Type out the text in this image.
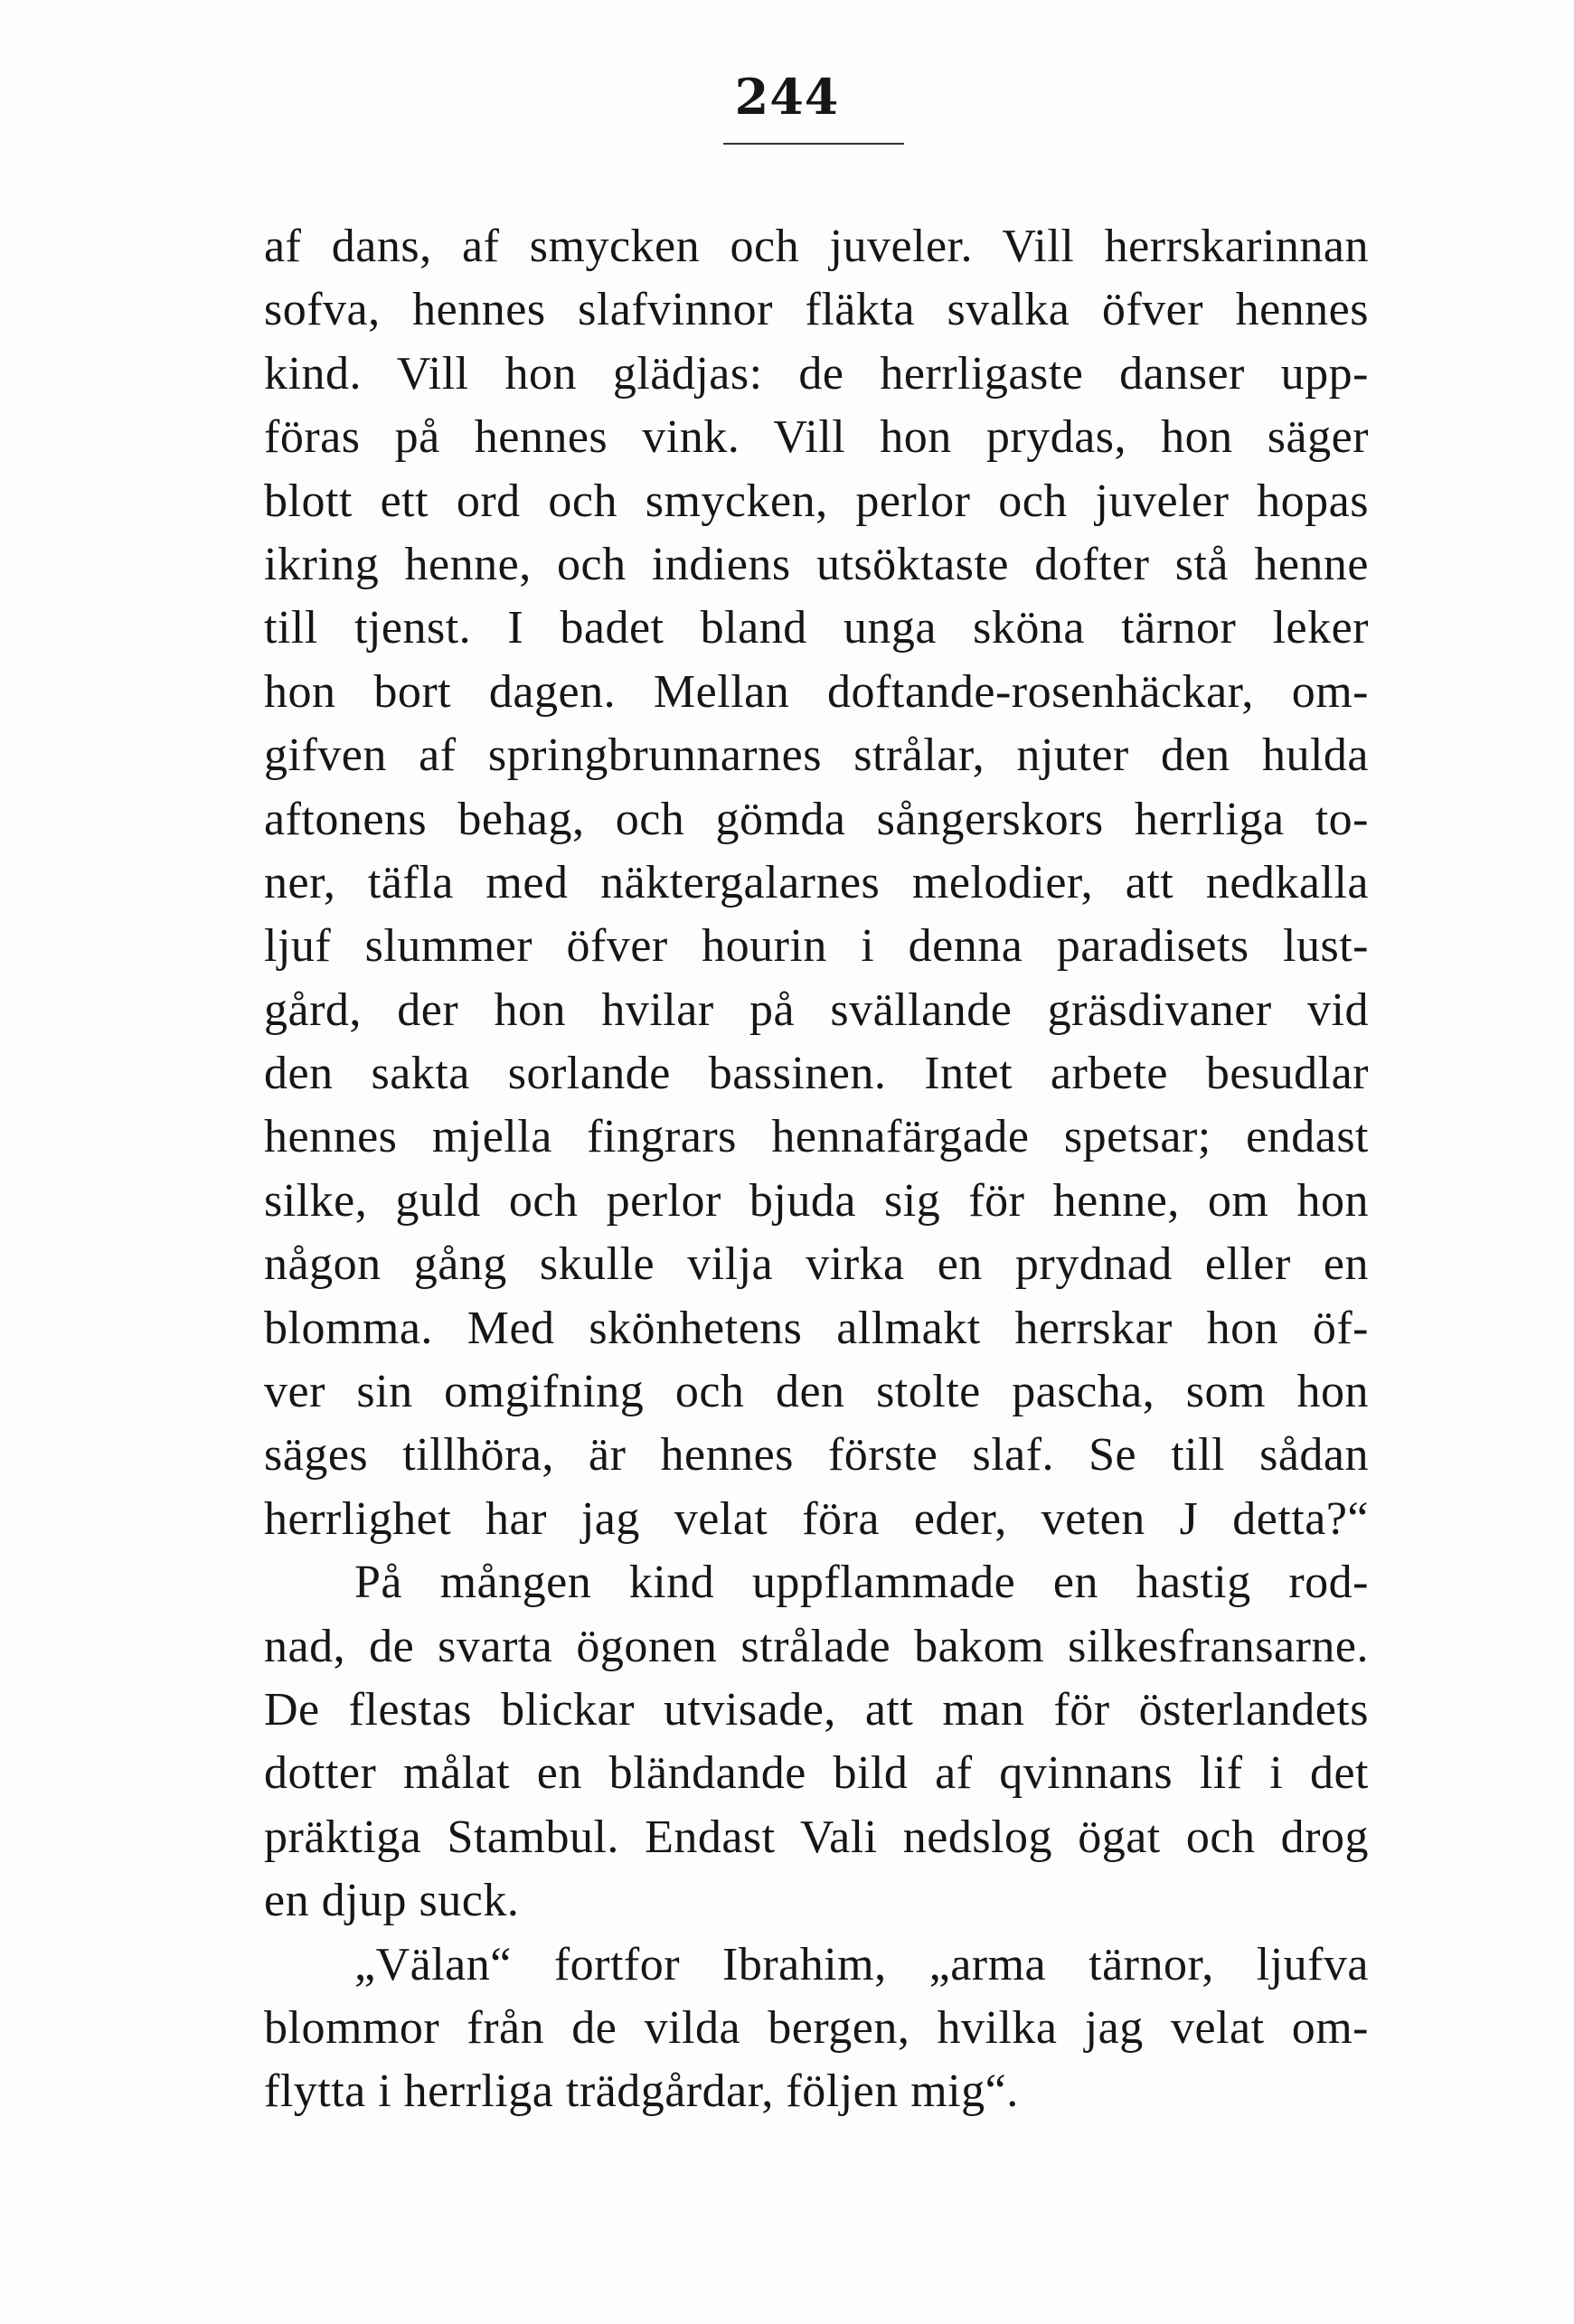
244
af dans, af smycken och juveler. Vill herrskarinnan
sofva, hennes slafvinnor fläkta svalka öfver hennes
kind. Vill hon glädjas: de herrligaste danser upp-
föras på hennes vink. Vill hon prydas, hon säger
blott ett ord och smycken, perlor och juveler hopas
ikring henne, och indiens utsöktaste dofter stå henne
till tjenst. I badet bland unga sköna tärnor leker
hon bort dagen. Mellan doftande-rosenhäckar, om-
gifven af springbrunnarnes strålar, njuter den hulda
aftonens behag, och gömda sångerskors herrliga to-
ner, täfla med näktergalarnes melodier, att nedkalla
ljuf slummer öfver hourin i denna paradisets lust-
gård, der hon hvilar på svällande gräsdivaner vid
den sakta sorlande bassinen. Intet arbete besudlar
hennes mjella fingrars hennafärgade spetsar; endast
silke, guld och perlor bjuda sig för henne, om hon
någon gång skulle vilja virka en prydnad eller en
blomma. Med skönhetens allmakt herrskar hon öf-
ver sin omgifning och den stolte pascha, som hon
säges tillhöra, är hennes förste slaf. Se till sådan
herrlighet har jag velat föra eder, veten J detta?“
På mången kind uppflammade en hastig rod-
nad, de svarta ögonen strålade bakom silkesfransarne.
De flestas blickar utvisade, att man för österlandets
dotter målat en bländande bild af qvinnans lif i det
präktiga Stambul. Endast Vali nedslog ögat och drog
en djup suck.
„Välan“ fortfor Ibrahim, „arma tärnor, ljufva
blommor från de vilda bergen, hvilka jag velat om-
flytta i herrliga trädgårdar, följen mig“.
